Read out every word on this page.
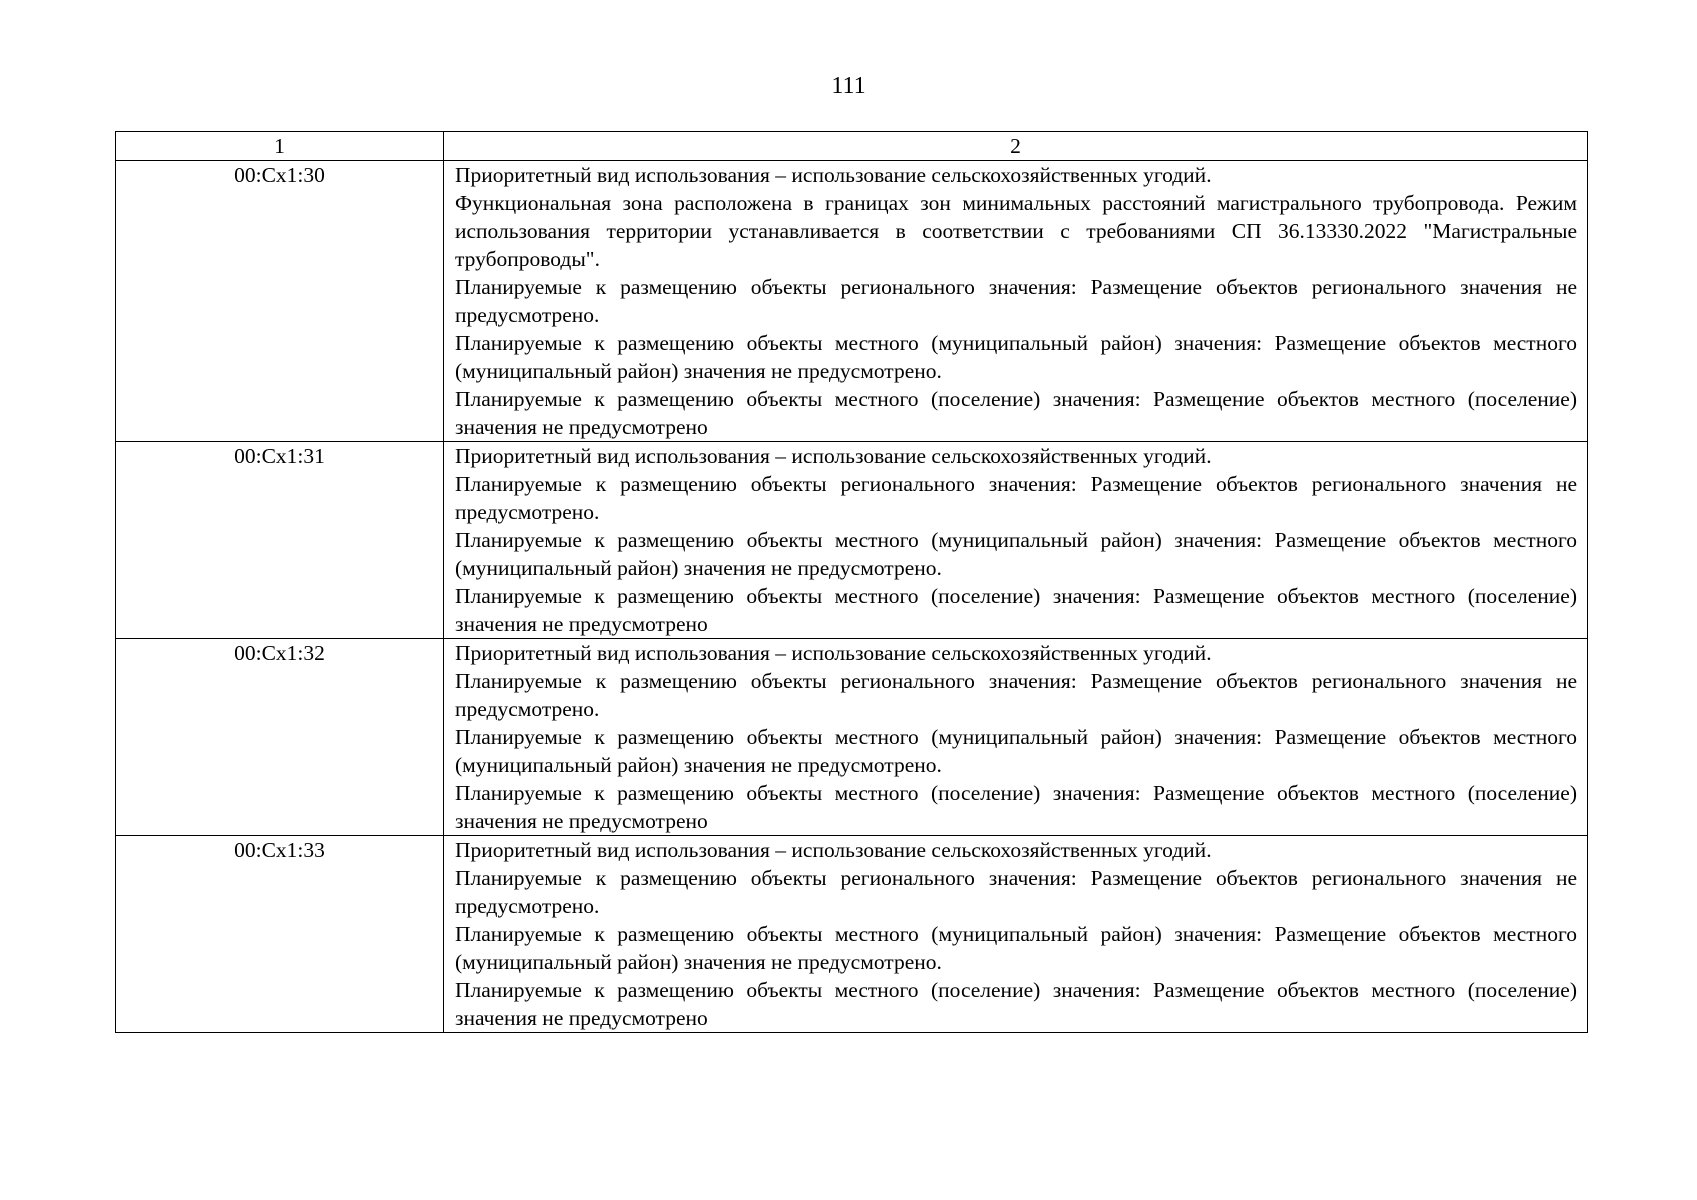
111
1	2
00:Cx1:30	Приоритетный вид использования – использование сельскохозяйственных угодий.

Функциональная зона расположена в границах зон минимальных расстояний магистрального трубопровода. Режим использования территории устанавливается в соответствии с требованиями СП 36.13330.2022 "Магистральные трубопроводы".

Планируемые к размещению объекты регионального значения: Размещение объектов регионального значения не предусмотрено.

Планируемые к размещению объекты местного (муниципальный район) значения: Размещение объектов местного (муниципальный район) значения не предусмотрено.

Планируемые к размещению объекты местного (поселение) значения: Размещение объектов местного (поселение) значения не предусмотрено

00:Cx1:31	Приоритетный вид использования – использование сельскохозяйственных угодий.

Планируемые к размещению объекты регионального значения: Размещение объектов регионального значения не предусмотрено.

Планируемые к размещению объекты местного (муниципальный район) значения: Размещение объектов местного (муниципальный район) значения не предусмотрено.

Планируемые к размещению объекты местного (поселение) значения: Размещение объектов местного (поселение) значения не предусмотрено

00:Cx1:32	Приоритетный вид использования – использование сельскохозяйственных угодий.

Планируемые к размещению объекты регионального значения: Размещение объектов регионального значения не предусмотрено.

Планируемые к размещению объекты местного (муниципальный район) значения: Размещение объектов местного (муниципальный район) значения не предусмотрено.

Планируемые к размещению объекты местного (поселение) значения: Размещение объектов местного (поселение) значения не предусмотрено

00:Cx1:33	Приоритетный вид использования – использование сельскохозяйственных угодий.

Планируемые к размещению объекты регионального значения: Размещение объектов регионального значения не предусмотрено.

Планируемые к размещению объекты местного (муниципальный район) значения: Размещение объектов местного (муниципальный район) значения не предусмотрено.

Планируемые к размещению объекты местного (поселение) значения: Размещение объектов местного (поселение) значения не предусмотрено
